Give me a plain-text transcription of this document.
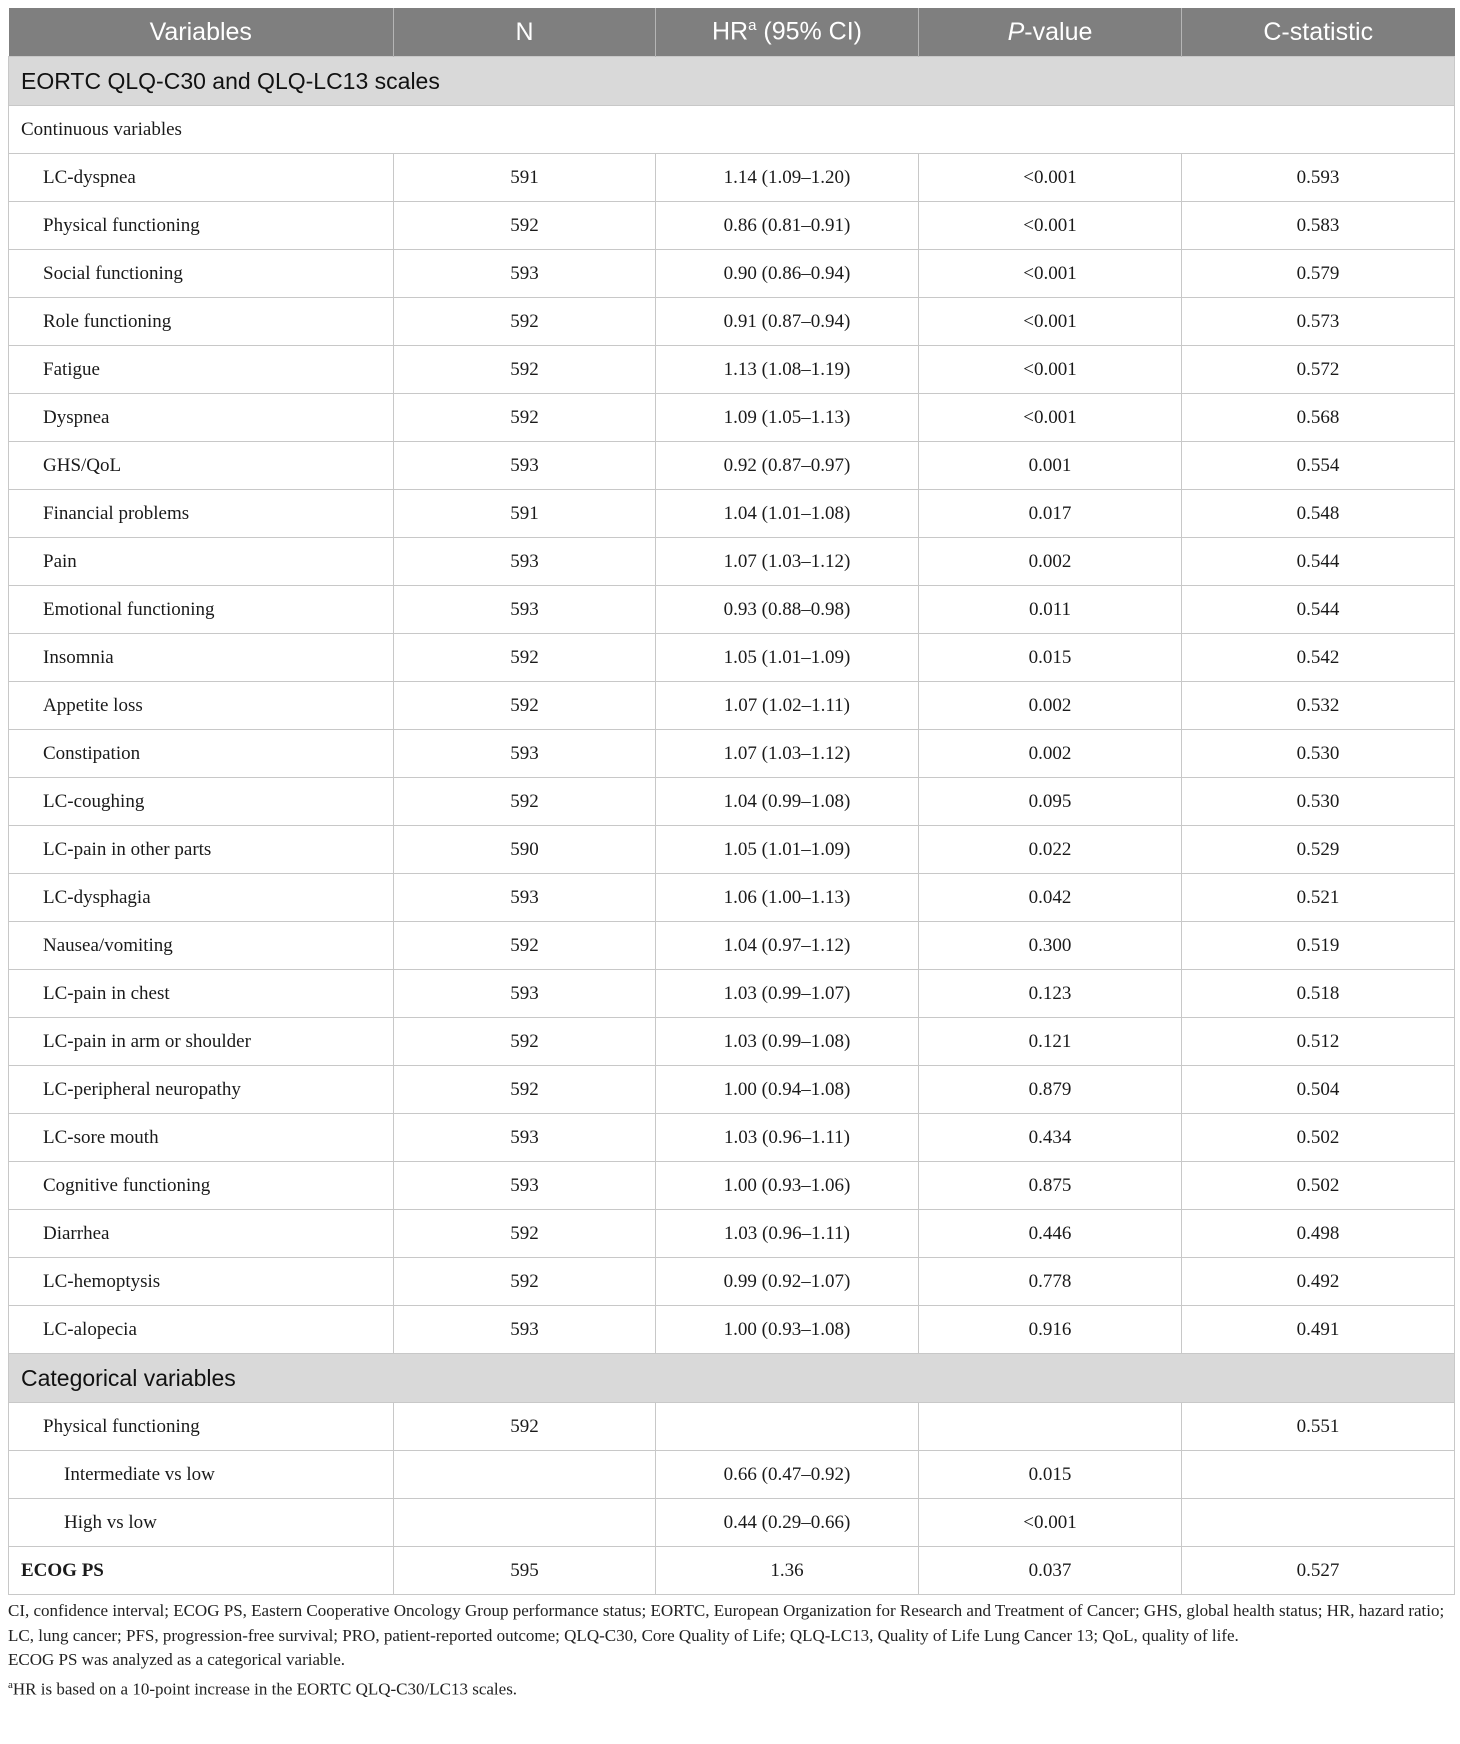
Variables	N	$HR^a$ (95% CI)	P-value	C-statistic
EORTC QLQ-C30 and QLQ-LC13 scales				
Continuous variables				
LC-dyspnea	591	1.14 (1.09–1.20)	<0.001	0.593
Physical functioning	592	0.86 (0.81–0.91)	<0.001	0.583
Social functioning	593	0.90 (0.86–0.94)	<0.001	0.579
Role functioning	592	0.91 (0.87–0.94)	<0.001	0.573
Fatigue	592	1.13 (1.08–1.19)	<0.001	0.572
Dyspnea	592	1.09 (1.05–1.13)	<0.001	0.568
GHS/QoL	593	0.92 (0.87–0.97)	0.001	0.554
Financial problems	591	1.04 (1.01–1.08)	0.017	0.548
Pain	593	1.07 (1.03–1.12)	0.002	0.544
Emotional functioning	593	0.93 (0.88–0.98)	0.011	0.544
Insomnia	592	1.05 (1.01–1.09)	0.015	0.542
Appetite loss	592	1.07 (1.02–1.11)	0.002	0.532
Constipation	593	1.07 (1.03–1.12)	0.002	0.530
LC-coughing	592	1.04 (0.99–1.08)	0.095	0.530
LC-pain in other parts	590	1.05 (1.01–1.09)	0.022	0.529
LC-dysphagia	593	1.06 (1.00–1.13)	0.042	0.521
Nausea/vomiting	592	1.04 (0.97–1.12)	0.300	0.519
LC-pain in chest	593	1.03 (0.99–1.07)	0.123	0.518
LC-pain in arm or shoulder	592	1.03 (0.99–1.08)	0.121	0.512
LC-peripheral neuropathy	592	1.00 (0.94–1.08)	0.879	0.504
LC-sore mouth	593	1.03 (0.96–1.11)	0.434	0.502
Cognitive functioning	593	1.00 (0.93–1.06)	0.875	0.502
Diarrhea	592	1.03 (0.96–1.11)	0.446	0.498
LC-hemoptysis	592	0.99 (0.92–1.07)	0.778	0.492
LC-alopecia	593	1.00 (0.93–1.08)	0.916	0.491
Categorical variables				
Physical functioning	592			0.551
Intermediate vs low		0.66 (0.47–0.92)	0.015	
High vs low		0.44 (0.29–0.66)	<0.001	
ECOG PS	595	1.36	0.037	0.527

CI, confidence interval; ECOG PS, Eastern Cooperative Oncology Group performance status; EORTC, European Organization for Research and Treatment of Cancer; GHS, global health status; HR, hazard ratio; LC, lung cancer; PFS, progression-free survival; PRO, patient-reported outcome; QLQ-C30, Core Quality of Life; QLQ-LC13, Quality of Life Lung Cancer 13; QoL, quality of life.

ECOG PS was analyzed as a categorical variable.

$^a$HR is based on a 10-point increase in the EORTC QLQ-C30/LC13 scales.
